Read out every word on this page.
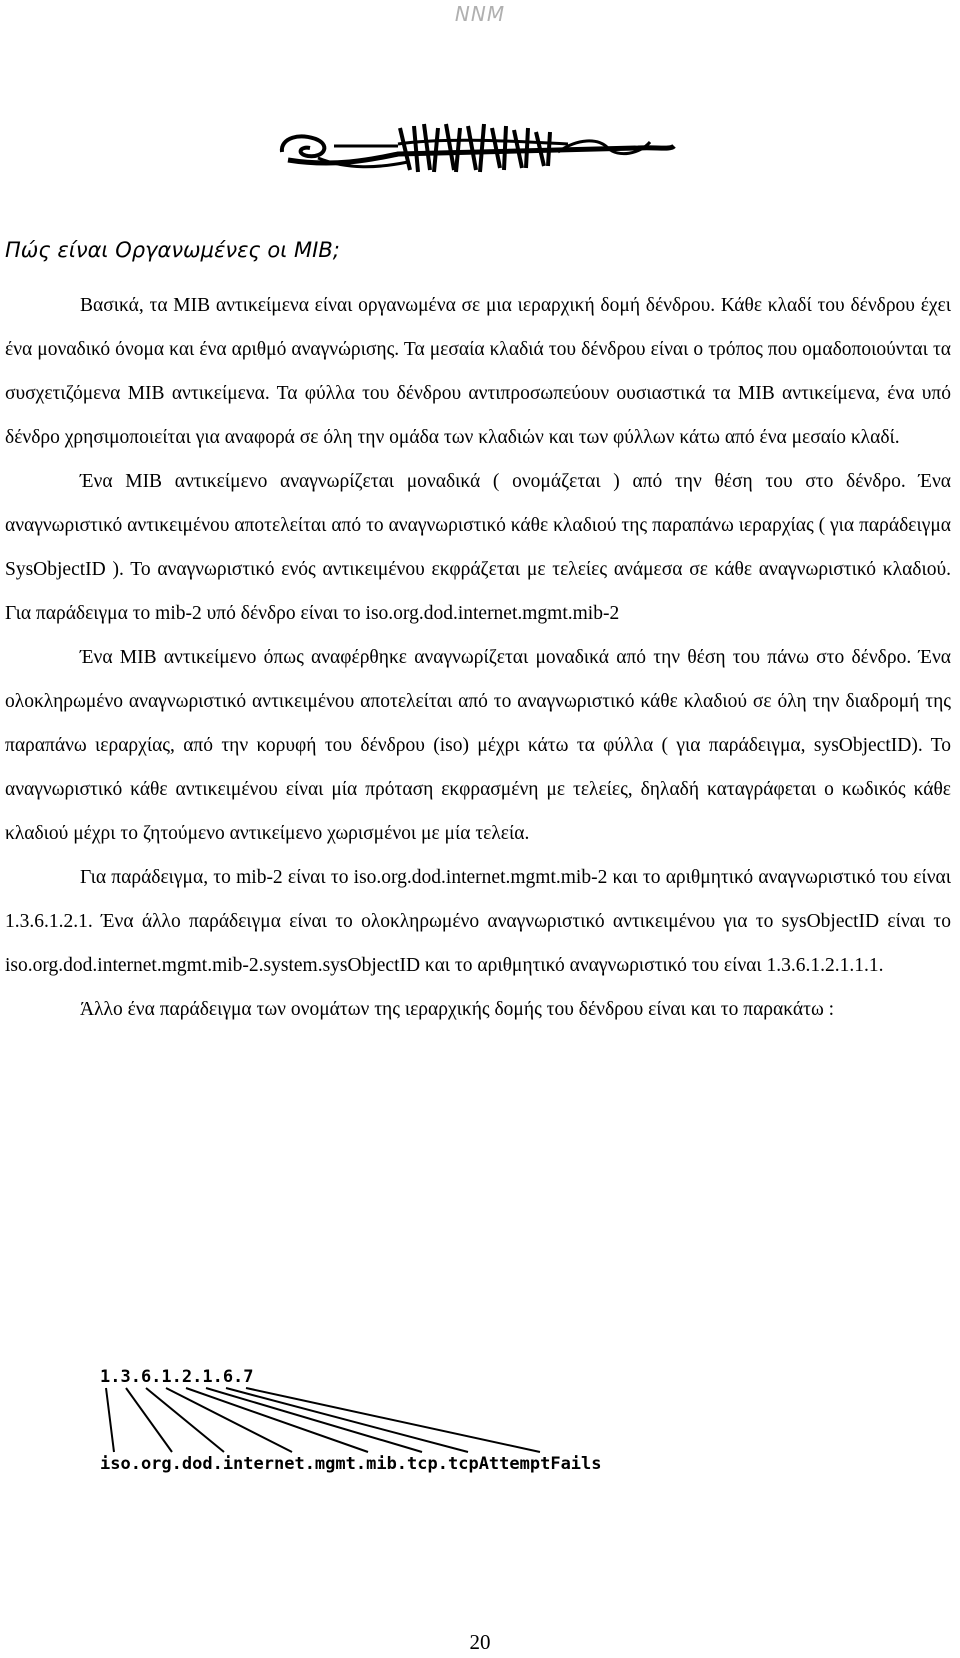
NNM
Πώς είναι Οργανωμένες οι MIB;

Βασικά, τα MIB αντικείμενα είναι οργανωμένα σε μια ιεραρχική δομή δένδρου. Κάθε κλαδί του δένδρου έχει ένα μοναδικό όνομα και ένα αριθμό αναγνώρισης. Τα μεσαία κλαδιά του δένδρου είναι ο τρόπος που ομαδοποιούνται τα συσχετιζόμενα MIB αντικείμενα. Τα φύλλα του δένδρου αντιπροσωπεύουν ουσιαστικά τα MIB αντικείμενα, ένα υπό δένδρο χρησιμοποιείται για αναφορά σε όλη την ομάδα των κλαδιών και των φύλλων κάτω από ένα μεσαίο κλαδί.

Ένα MIB αντικείμενο αναγνωρίζεται μοναδικά ( ονομάζεται ) από την θέση του στο δένδρο. Ένα αναγνωριστικό αντικειμένου αποτελείται από το αναγνωριστικό κάθε κλαδιού της παραπάνω ιεραρχίας ( για παράδειγμα SysObjectID ). Το αναγνωριστικό ενός αντικειμένου εκφράζεται με τελείες ανάμεσα σε κάθε αναγνωριστικό κλαδιού. Για παράδειγμα το mib-2 υπό δένδρο είναι το iso.org.dod.internet.mgmt.mib-2

Ένα MIB αντικείμενο όπως αναφέρθηκε αναγνωρίζεται μοναδικά από την θέση του πάνω στο δένδρο. Ένα ολοκληρωμένο αναγνωριστικό αντικειμένου αποτελείται από το αναγνωριστικό κάθε κλαδιού σε όλη την διαδρομή της παραπάνω ιεραρχίας, από την κορυφή του δένδρου (iso) μέχρι κάτω τα φύλλα ( για παράδειγμα, sysObjectID). Το αναγνωριστικό κάθε αντικειμένου είναι μία πρόταση εκφρασμένη με τελείες, δηλαδή καταγράφεται ο κωδικός κάθε κλαδιού μέχρι το ζητούμενο αντικείμενο χωρισμένοι με μία τελεία.

Για παράδειγμα, το mib-2 είναι το iso.org.dod.internet.mgmt.mib-2 και το αριθμητικό αναγνωριστικό του είναι 1.3.6.1.2.1. Ένα άλλο παράδειγμα είναι το ολοκληρωμένο αναγνωριστικό αντικειμένου για το sysObjectID είναι το iso.org.dod.internet.mgmt.mib-2.system.sysObjectID και το αριθμητικό αναγνωριστικό του είναι 1.3.6.1.2.1.1.1.

Άλλο ένα παράδειγμα των ονομάτων της ιεραρχικής δομής του δένδρου είναι και το παρακάτω :

1.3.6.1.2.1.6.7
iso.org.dod.internet.mgmt.mib.tcp.tcpAttemptFails
20
